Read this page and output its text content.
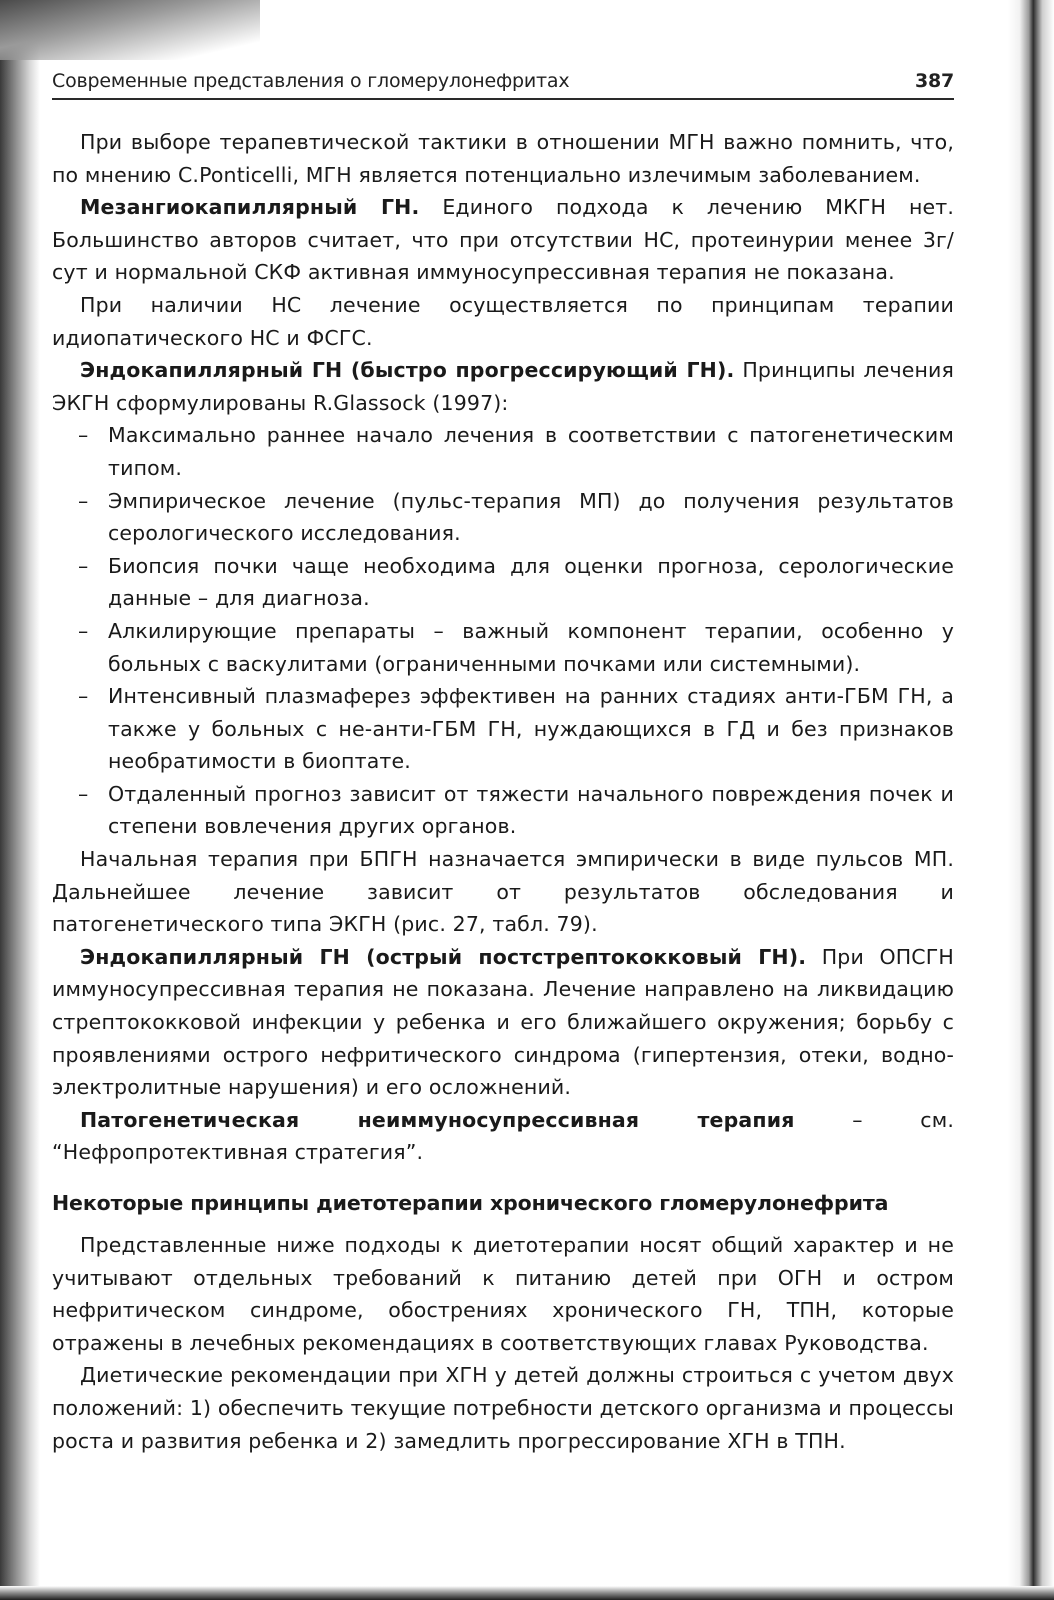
Современные представления о гломерулонефритах	387

При выборе терапевтической тактики в отношении МГН важно помнить, что, по мнению C.Ponticelli, МГН является потенциально излечимым заболеванием.

Мезангиокапиллярный ГН. Единого подхода к лечению МКГН нет. Большинство авторов считает, что при отсутствии НС, протеинурии менее 3г/сут и нормальной СКФ активная иммуносупрессивная терапия не показана.

При наличии НС лечение осуществляется по принципам терапии идиопатического НС и ФСГС.

Эндокапиллярный ГН (быстро прогрессирующий ГН). Принципы лечения ЭКГН сформулированы R.Glassock (1997):

– Максимально раннее начало лечения в соответствии с патогенетическим типом.
– Эмпирическое лечение (пульс-терапия МП) до получения результатов серологического исследования.
– Биопсия почки чаще необходима для оценки прогноза, серологические данные – для диагноза.
– Алкилирующие препараты – важный компонент терапии, особенно у больных с васкулитами (ограниченными почками или системными).
– Интенсивный плазмаферез эффективен на ранних стадиях анти-ГБМ ГН, а также у больных с не-анти-ГБМ ГН, нуждающихся в ГД и без признаков необратимости в биоптате.
– Отдаленный прогноз зависит от тяжести начального повреждения почек и степени вовлечения других органов.

Начальная терапия при БПГН назначается эмпирически в виде пульсов МП. Дальнейшее лечение зависит от результатов обследования и патогенетического типа ЭКГН (рис. 27, табл. 79).

Эндокапиллярный ГН (острый постстрептококковый ГН). При ОПСГН иммуносупрессивная терапия не показана. Лечение направлено на ликвидацию стрептококковой инфекции у ребенка и его ближайшего окружения; борьбу с проявлениями острого нефритического синдрома (гипертензия, отеки, водно-электролитные нарушения) и его осложнений.

Патогенетическая неиммуносупрессивная терапия – см. “Нефропротективная стратегия”.

Некоторые принципы диетотерапии хронического гломерулонефрита

Представленные ниже подходы к диетотерапии носят общий характер и не учитывают отдельных требований к питанию детей при ОГН и остром нефритическом синдроме, обострениях хронического ГН, ТПН, которые отражены в лечебных рекомендациях в соответствующих главах Руководства.

Диетические рекомендации при ХГН у детей должны строиться с учетом двух положений: 1) обеспечить текущие потребности детского организма и процессы роста и развития ребенка и 2) замедлить прогрессирование ХГН в ТПН.
